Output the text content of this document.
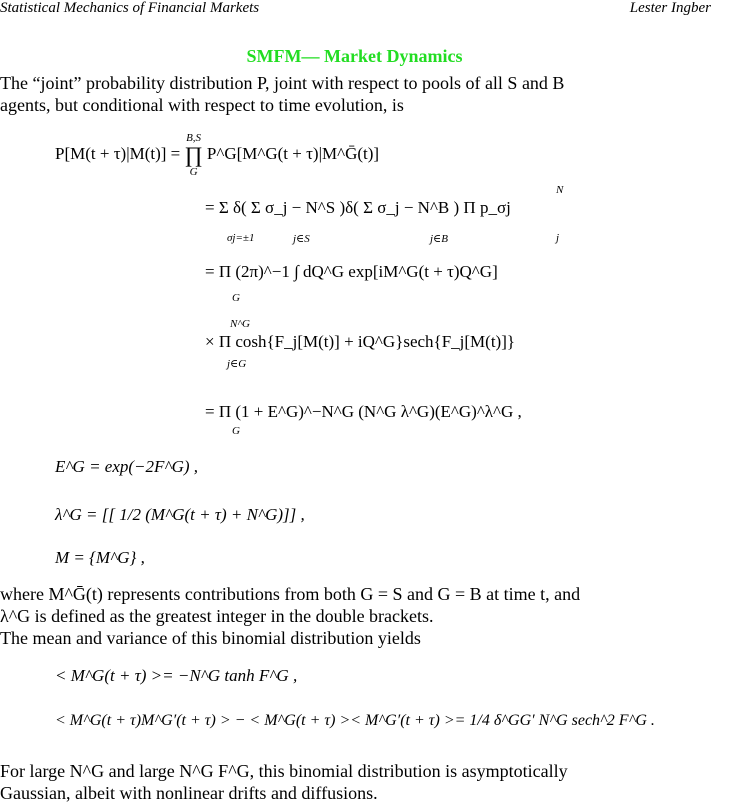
Statistical Mechanics of Financial Markets	Lester Ingber
SMFM— Market Dynamics
The “joint” probability distribution P, joint with respect to pools of all S and B
agents, but conditional with respect to time evolution, is
P[M(t + τ)|M(t)] =
B,S
∏
G
P^G[M^G(t + τ)|M^Ḡ(t)]
= Σ δ( Σ σ_j − N^S )δ( Σ σ_j − N^B ) Π p_σj
σj=±1	j∈S	j∈B
N
j
= Π (2π)^−1 ∫ dQ^G exp[iM^G(t + τ)Q^G]
G
× Π cosh{F_j[M(t)] + iQ^G}sech{F_j[M(t)]}
N^G
j∈G
= Π (1 + E^G)^−N^G (N^G λ^G)(E^G)^λ^G ,
G
E^G = exp(−2F^G) ,
λ^G = [[ 1/2 (M^G(t + τ) + N^G)]] ,
M = {M^G} ,
where M^Ḡ(t) represents contributions from both G = S and G = B at time t, and
λ^G is defined as the greatest integer in the double brackets.
The mean and variance of this binomial distribution yields
< M^G(t + τ) >= −N^G tanh F^G ,
< M^G(t + τ)M^G′(t + τ) > − < M^G(t + τ) >< M^G′(t + τ) >= 1/4 δ^GG′ N^G sech^2 F^G .
For large N^G and large N^G F^G, this binomial distribution is asymptotically
Gaussian, albeit with nonlinear drifts and diffusions.
